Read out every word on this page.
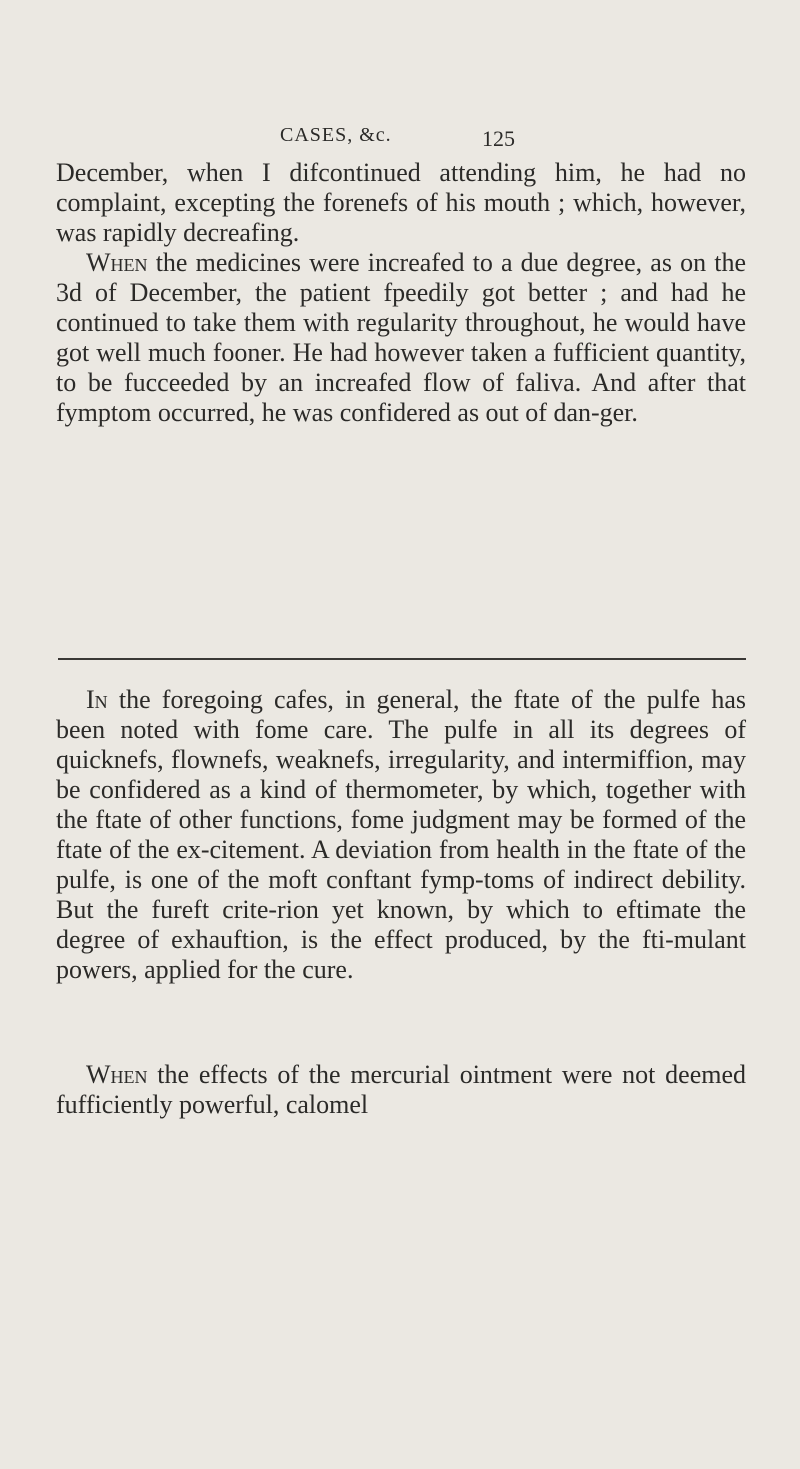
CASES, &c.	125

December, when I difcontinued attending him, he had no complaint, excepting the forenefs of his mouth ; which, however, was rapidly decreafing.

When the medicines were increafed to a due degree, as on the 3d of December, the patient fpeedily got better ; and had he continued to take them with regularity throughout, he would have got well much fooner. He had however taken a fufficient quantity, to be fucceeded by an increafed flow of faliva. And after that fymptom occurred, he was confidered as out of dan-ger.

In the foregoing cafes, in general, the ftate of the pulfe has been noted with fome care. The pulfe in all its degrees of quicknefs, flownefs, weaknefs, irregularity, and intermiffion, may be confidered as a kind of thermometer, by which, together with the ftate of other functions, fome judgment may be formed of the ftate of the ex-citement. A deviation from health in the ftate of the pulfe, is one of the moft conftant fymp-toms of indirect debility. But the fureft crite-rion yet known, by which to eftimate the degree of exhauftion, is the effect produced, by the fti-mulant powers, applied for the cure.

When the effects of the mercurial ointment were not deemed fufficiently powerful, calomel
